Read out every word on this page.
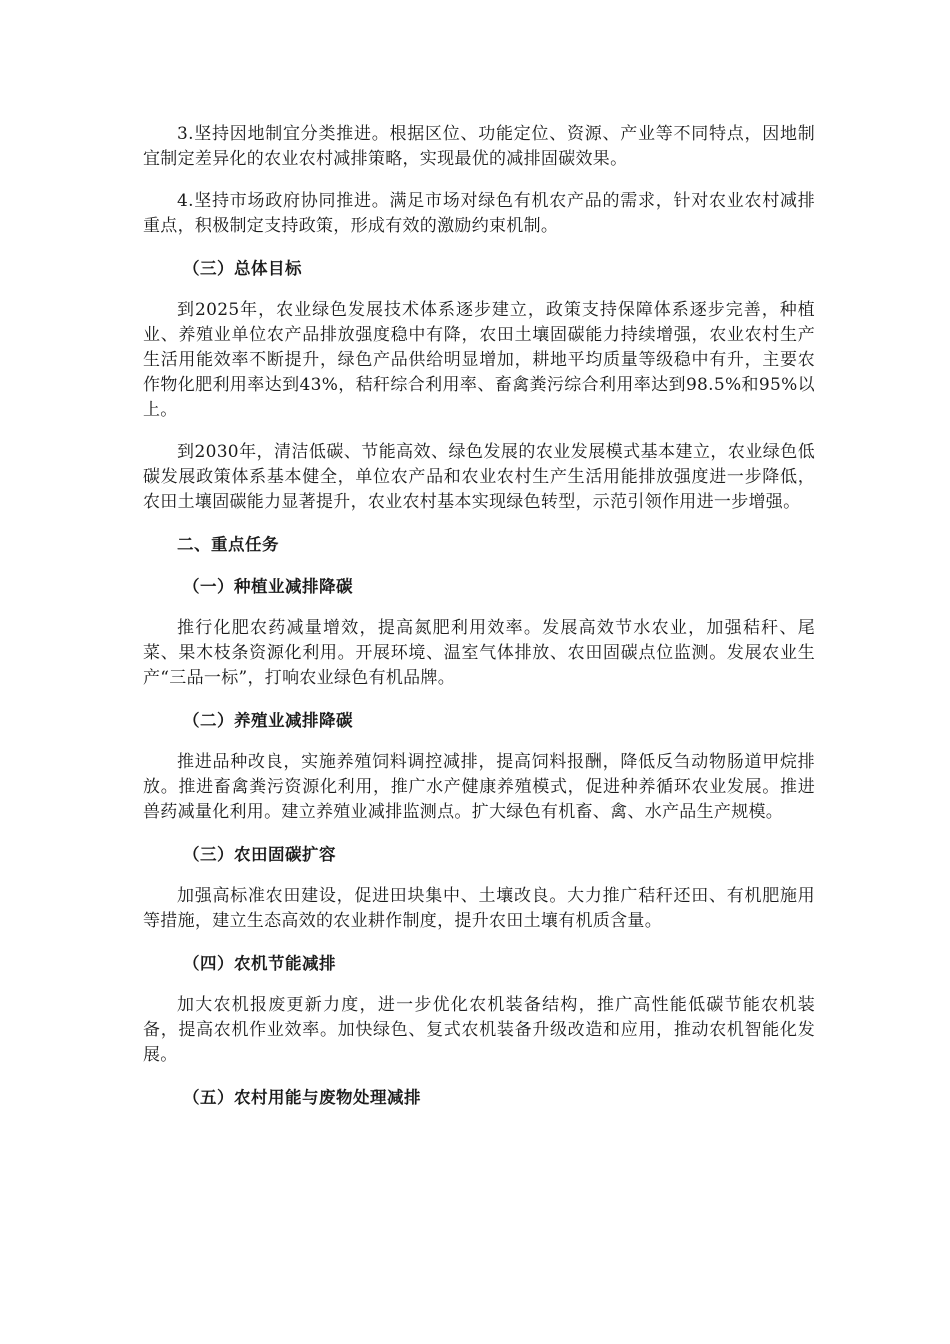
3.坚持因地制宜分类推进。根据区位、功能定位、资源、产业等不同特点，因地制宜制定差异化的农业农村减排策略，实现最优的减排固碳效果。

4.坚持市场政府协同推进。满足市场对绿色有机农产品的需求，针对农业农村减排重点，积极制定支持政策，形成有效的激励约束机制。

（三）总体目标

到2025年，农业绿色发展技术体系逐步建立，政策支持保障体系逐步完善，种植业、养殖业单位农产品排放强度稳中有降，农田土壤固碳能力持续增强，农业农村生产生活用能效率不断提升，绿色产品供给明显增加，耕地平均质量等级稳中有升，主要农作物化肥利用率达到43%，秸秆综合利用率、畜禽粪污综合利用率达到98.5%和95%以上。

到2030年，清洁低碳、节能高效、绿色发展的农业发展模式基本建立，农业绿色低碳发展政策体系基本健全，单位农产品和农业农村生产生活用能排放强度进一步降低，农田土壤固碳能力显著提升，农业农村基本实现绿色转型，示范引领作用进一步增强。

二、重点任务
（一）种植业减排降碳

推行化肥农药减量增效，提高氮肥利用效率。发展高效节水农业，加强秸秆、尾菜、果木枝条资源化利用。开展环境、温室气体排放、农田固碳点位监测。发展农业生产“三品一标”，打响农业绿色有机品牌。

（二）养殖业减排降碳

推进品种改良，实施养殖饲料调控减排，提高饲料报酬，降低反刍动物肠道甲烷排放。推进畜禽粪污资源化利用，推广水产健康养殖模式，促进种养循环农业发展。推进兽药减量化利用。建立养殖业减排监测点。扩大绿色有机畜、禽、水产品生产规模。

（三）农田固碳扩容

加强高标准农田建设，促进田块集中、土壤改良。大力推广秸秆还田、有机肥施用等措施，建立生态高效的农业耕作制度，提升农田土壤有机质含量。

（四）农机节能减排

加大农机报废更新力度，进一步优化农机装备结构，推广高性能低碳节能农机装备，提高农机作业效率。加快绿色、复式农机装备升级改造和应用，推动农机智能化发展。

（五）农村用能与废物处理减排
